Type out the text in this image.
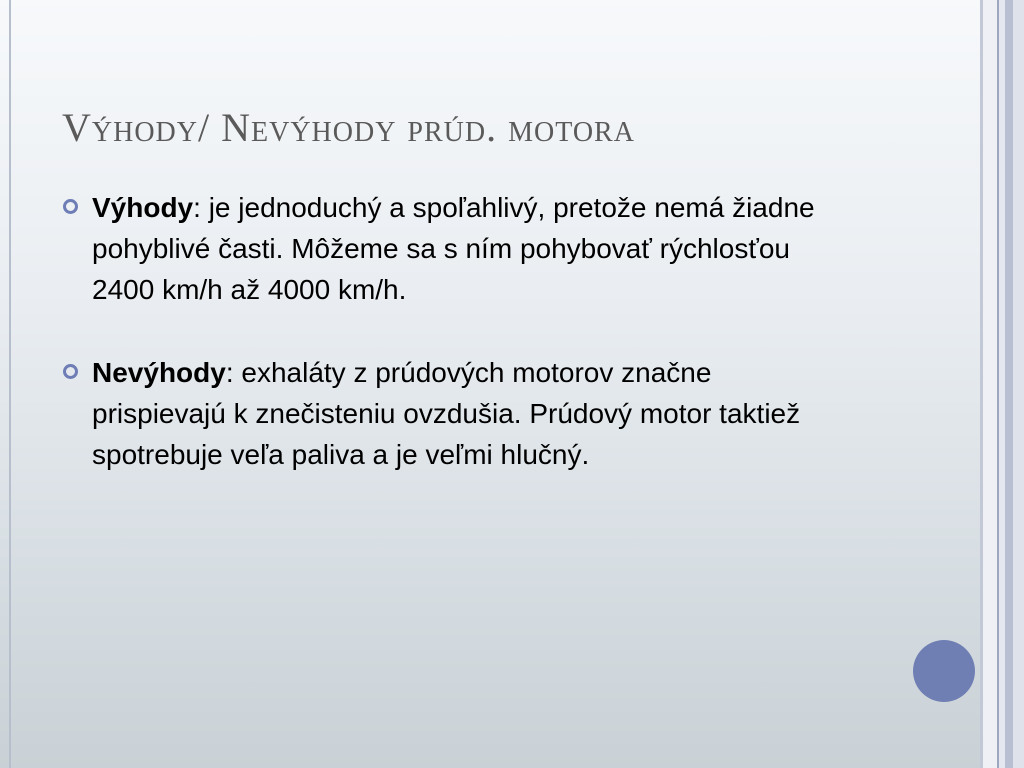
Výhody/ Nevýhody prúd. motora
Výhody: je jednoduchý a spoľahlivý, pretože nemá žiadne pohyblivé časti. Môžeme sa s ním pohybovať rýchlosťou 2400 km/h až 4000 km/h.
Nevýhody: exhaláty z prúdových motorov značne prispievajú k znečisteniu ovzdušia. Prúdový motor taktiež spotrebuje veľa paliva a je veľmi hlučný.
